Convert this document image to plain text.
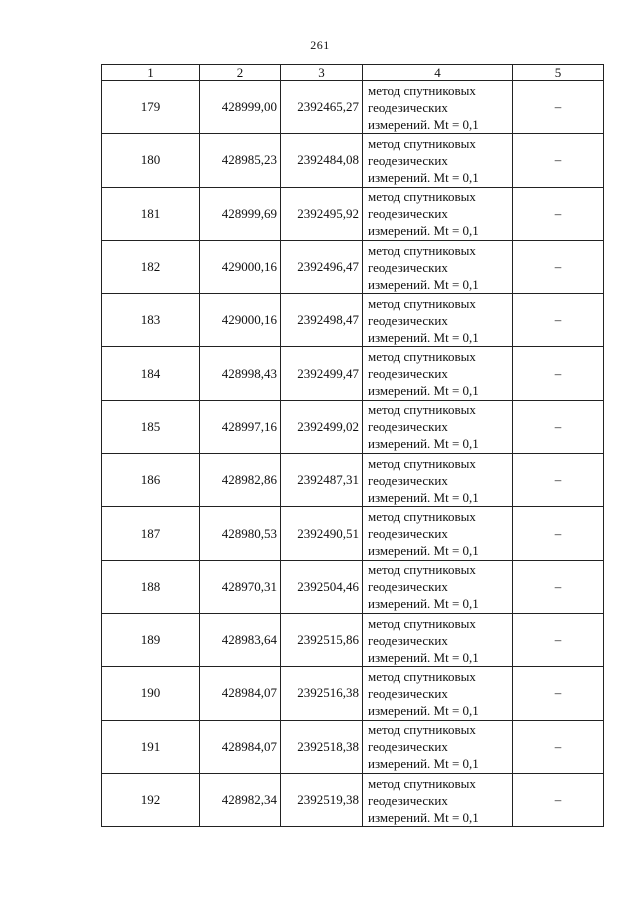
261
1	2	3	4	5
179	428999,00	2392465,27	метод спутниковых геодезических измерений. Mt = 0,1	–
180	428985,23	2392484,08	метод спутниковых геодезических измерений. Mt = 0,1	–
181	428999,69	2392495,92	метод спутниковых геодезических измерений. Mt = 0,1	–
182	429000,16	2392496,47	метод спутниковых геодезических измерений. Mt = 0,1	–
183	429000,16	2392498,47	метод спутниковых геодезических измерений. Mt = 0,1	–
184	428998,43	2392499,47	метод спутниковых геодезических измерений. Mt = 0,1	–
185	428997,16	2392499,02	метод спутниковых геодезических измерений. Mt = 0,1	–
186	428982,86	2392487,31	метод спутниковых геодезических измерений. Mt = 0,1	–
187	428980,53	2392490,51	метод спутниковых геодезических измерений. Mt = 0,1	–
188	428970,31	2392504,46	метод спутниковых геодезических измерений. Mt = 0,1	–
189	428983,64	2392515,86	метод спутниковых геодезических измерений. Mt = 0,1	–
190	428984,07	2392516,38	метод спутниковых геодезических измерений. Mt = 0,1	–
191	428984,07	2392518,38	метод спутниковых геодезических измерений. Mt = 0,1	–
192	428982,34	2392519,38	метод спутниковых геодезических измерений. Mt = 0,1	–
